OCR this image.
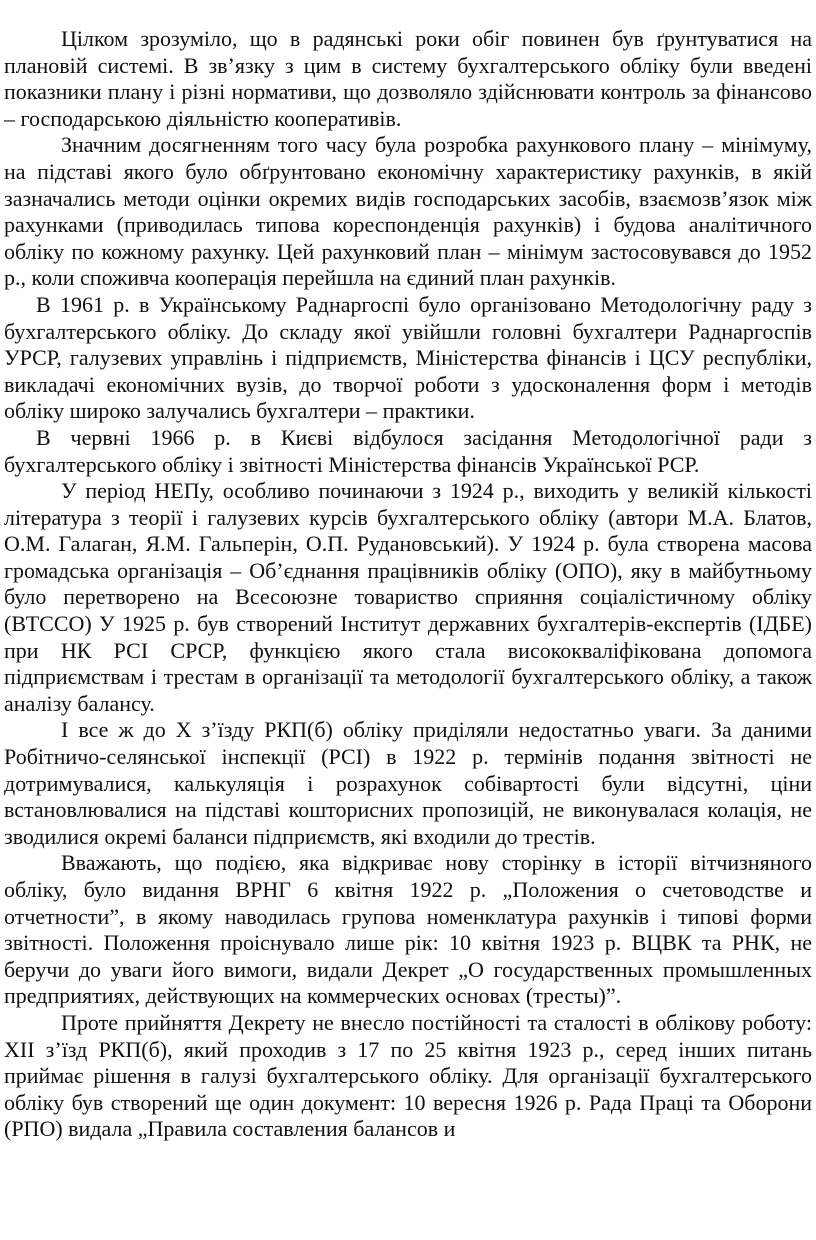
Цілком зрозуміло, що в радянські роки обіг повинен був ґрунтуватися на плановій системі. В зв’язку з цим в систему бухгалтерського обліку були введені показники плану і різні нормативи, що дозволяло здійснювати контроль за фінансово – господарською діяльністю кооперативів.

Значним досягненням того часу була розробка рахункового плану – мінімуму, на підставі якого було обґрунтовано економічну характеристику рахунків, в якій зазначались методи оцінки окремих видів господарських засобів, взаємозв’язок між рахунками (приводилась типова кореспонденція рахунків) і будова аналітичного обліку по кожному рахунку. Цей рахунковий план – мінімум застосовувався до 1952 р., коли споживча кооперація перейшла на єдиний план рахунків.

В 1961 р. в Українському Раднаргоспі було організовано Методологічну раду з бухгалтерського обліку. До складу якої увійшли головні бухгалтери Раднаргоспів УРСР, галузевих управлінь і підприємств, Міністерства фінансів і ЦСУ республіки, викладачі економічних вузів, до творчої роботи з удосконалення форм і методів обліку широко залучались бухгалтери – практики.

В червні 1966 р. в Києві відбулося засідання Методологічної ради з бухгалтерського обліку і звітності Міністерства фінансів Української РСР.

У період НЕПу, особливо починаючи з 1924 р., виходить у великій кількості література з теорії і галузевих курсів бухгалтерського обліку (автори М.А. Блатов, О.М. Галаган, Я.М. Гальперін, О.П. Рудановський). У 1924 р. була створена масова громадська організація – Об’єднання працівників обліку (ОПО), яку в майбутньому було перетворено на Всесоюзне товариство сприяння соціалістичному обліку (ВТССО) У 1925 р. був створений Інститут державних бухгалтерів-експертів (ІДБЕ) при НК РСІ СРСР, функцією якого стала висококваліфікована допомога підприємствам і трестам в організації та методології бухгалтерського обліку, а також аналізу балансу.

І все ж до Х з’їзду РКП(б) обліку приділяли недостатньо уваги. За даними Робітничо-селянської інспекції (РСІ) в 1922 р. термінів подання звітності не дотримувалися, калькуляція і розрахунок собівартості були відсутні, ціни встановлювалися на підставі кошторисних пропозицій, не виконувалася колація, не зводилися окремі баланси підприємств, які входили до трестів.

Вважають, що подією, яка відкриває нову сторінку в історії вітчизняного обліку, було видання ВРНГ 6 квітня 1922 р. „Положения о счетоводстве и отчетности”, в якому наводилась групова номенклатура рахунків і типові форми звітності. Положення проіснувало лише рік: 10 квітня 1923 р. ВЦВК та РНК, не беручи до уваги його вимоги, видали Декрет „О государственных промышленных предприятиях, действующих на коммерческих основах (тресты)”.

Проте прийняття Декрету не внесло постійності та сталості в облікову роботу: ХІІ з’їзд РКП(б), який проходив з 17 по 25 квітня 1923 р., серед інших питань приймає рішення в галузі бухгалтерського обліку. Для організації бухгалтерського обліку був створений ще один документ: 10 вересня 1926 р. Рада Праці та Оборони (РПО) видала „Правила составления балансов и
